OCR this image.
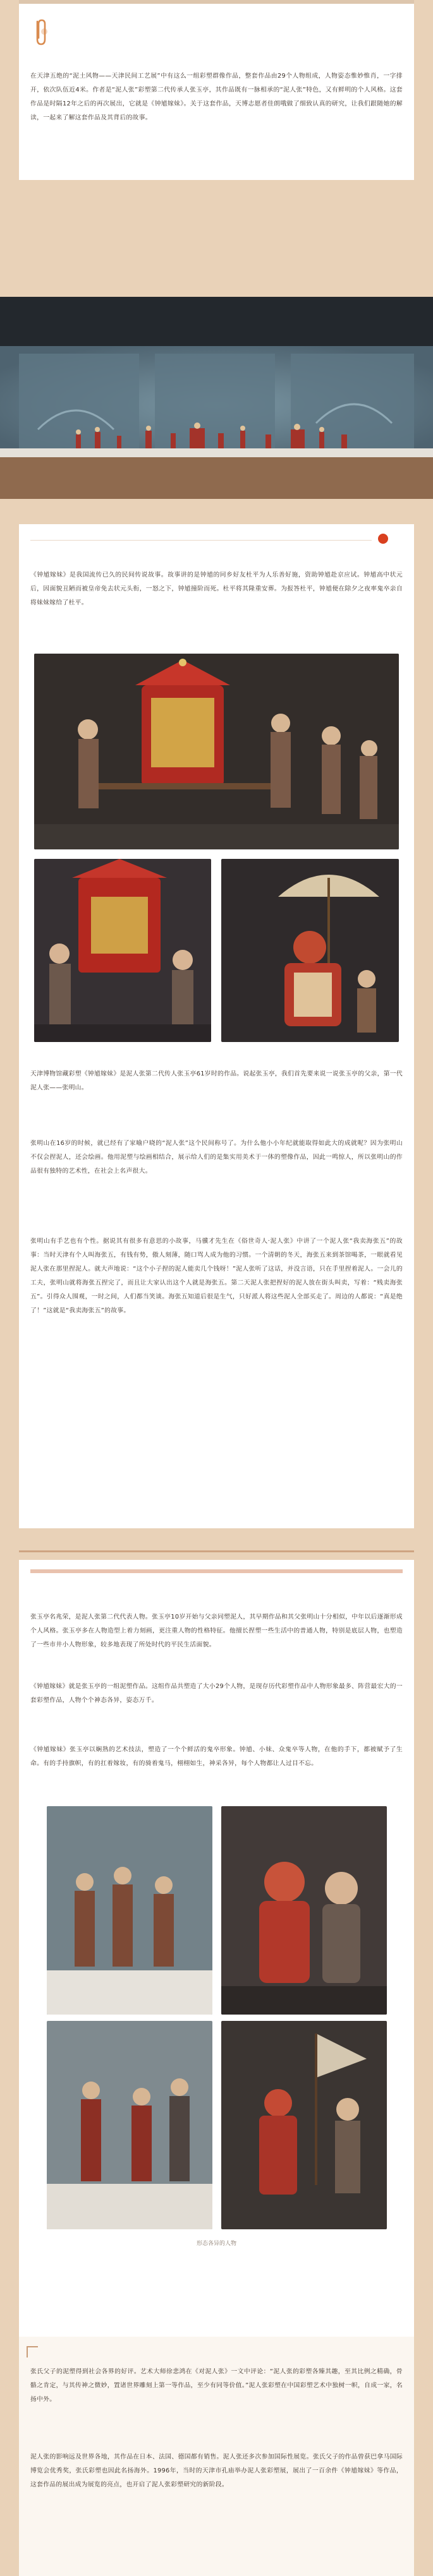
在天津五绝的“泥土风物——天津民间工艺展”中有这么一组彩塑群像作品，整套作品由29个人物组成，人物姿态惟妙惟肖，一字排开，依次队伍近4米。作者是“泥人张”彩塑第二代传承人张玉亭，其作品既有一脉相承的“泥人张”特色，又有鲜明的个人风格。这套作品是时隔12年之后的再次展出，它就是《钟馗嫁妹》。关于这套作品，天博志愿者佳朗哦做了细致认真的研究，让我们跟随她的解读，一起来了解这套作品及其背后的故事。

《钟馗嫁妹》是我国流传已久的民间传说故事。故事讲的是钟馗的同乡好友杜平为人乐善好施，资助钟馗赴京应试。钟馗高中状元后，因面貌丑陋而被皇帝免去状元头衔，一怒之下，钟馗撞阶而死。杜平将其隆重安葬。为报答杜平，钟馗便在除夕之夜率鬼卒亲自将妹妹嫁给了杜平。

天津博物馆藏彩塑《钟馗嫁妹》是泥人张第二代传人张玉亭61岁时的作品。说起张玉亭，我们首先要来说一说张玉亭的父亲，第一代泥人张——张明山。

张明山在16岁的时候，就已经有了家喻户晓的“泥人张”这个民间称号了。为什么他小小年纪就能取得如此大的成就呢？因为张明山不仅会捏泥人，还会绘画。他用泥塑与绘画相结合，展示给人们的是集实用美术于一体的塑像作品，因此一鸣惊人，所以张明山的作品很有独特的艺术性，在社会上名声很大。

张明山有手艺也有个性。据说其有很多有意思的小故事，马骥才先生在《俗世奇人·泥人张》中讲了一个泥人张“我卖海张五”的故事：当时天津有个人叫海张五，有钱有势，傲人刻薄，随口骂人成为他的习惯。一个清朝的冬天，海张五来到茶馆喝茶，一眼就看见泥人张在那里捏泥人。就大声地说：“这个小子捏的泥人能卖几个钱呀！”泥人张听了这话，并没言语，只在手里捏着泥人。一会儿的工夫，张明山就将海张五捏完了，而且让大家认出这个人就是海张五。第二天泥人张把捏好的泥人放在街头叫卖，写着：“贱卖海张五”。引得众人围观，一时之间，人们都当笑谈。海张五知道后很是生气，只好派人将这些泥人全部买走了。周边的人都说：“真是绝了！”这就是“我卖海张五”的故事。

张玉亭名兆荣，是泥人张第二代代表人物。张玉亭10岁开始与父亲同塑泥人，其早期作品和其父张明山十分相似，中年以后逐渐形成个人风格。张玉亭多在人物造型上着力刻画，更注重人物的性格特征。他擅长捏塑一些生活中的普通人物，特别是底层人物，也塑造了一些市井小人物形象，较多地表现了所处时代的平民生活面貌。

《钟馗嫁妹》就是张玉亭的一组泥塑作品。这组作品共塑造了大小29个人物，是现存历代彩塑作品中人物形象最多、阵营最宏大的一套彩塑作品，人物个个神态各异，姿态万千。

《钟馗嫁妹》张玉亭以娴熟的艺术技法，塑造了一个个鲜活的鬼卒形象。钟馗、小妹、众鬼卒等人物，在他的手下，都被赋予了生命。有的手持旗帜，有的扛着嫁妆，有的骑着鬼马，栩栩如生，神采各异，每个人物都让人过目不忘。

形态各异的人物

张氏父子的泥塑得到社会各界的好评。艺术大师徐悲鸿在《对泥人张》一文中评论：“泥人张的彩塑各臻其趣，至其比例之精确，骨骼之肯定，与其传神之微妙，置诸世界雕刻上第一等作品，至少有同等价值。”泥人张彩塑在中国彩塑艺术中独树一帜，自成一家，名扬中外。

泥人张的影响远及世界各地，其作品在日本、法国、德国都有销售。泥人张还多次参加国际性展览。张氏父子的作品曾获巴拿马国际博览会优秀奖，张氏彩塑也因此名扬海外。1996年，当时的天津市孔庙举办泥人张彩塑展，展出了一百余件《钟馗嫁妹》等作品，这套作品的展出成为展览的亮点，也开启了泥人张彩塑研究的新阶段。
